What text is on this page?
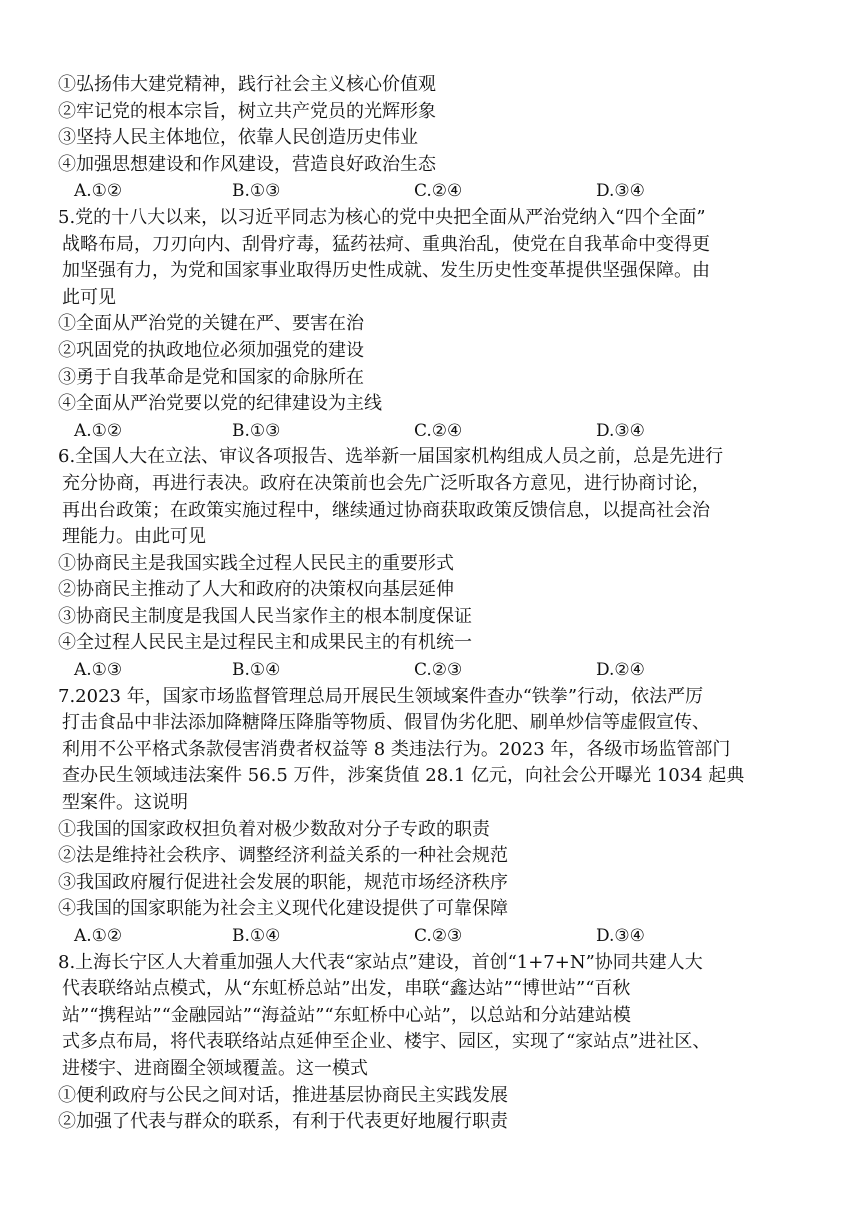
①弘扬伟大建党精神，践行社会主义核心价值观
②牢记党的根本宗旨，树立共产党员的光辉形象
③坚持人民主体地位，依靠人民创造历史伟业
④加强思想建设和作风建设，营造良好政治生态
A.①②	B.①③	C.②④	D.③④
5.党的十八大以来，以习近平同志为核心的党中央把全面从严治党纳入“四个全面”
战略布局，刀刃向内、刮骨疗毒，猛药祛疴、重典治乱，使党在自我革命中变得更
加坚强有力，为党和国家事业取得历史性成就、发生历史性变革提供坚强保障。由
此可见
①全面从严治党的关键在严、要害在治
②巩固党的执政地位必须加强党的建设
③勇于自我革命是党和国家的命脉所在
④全面从严治党要以党的纪律建设为主线
A.①②	B.①③	C.②④	D.③④
6.全国人大在立法、审议各项报告、选举新一届国家机构组成人员之前，总是先进行
充分协商，再进行表决。政府在决策前也会先广泛听取各方意见，进行协商讨论，
再出台政策；在政策实施过程中，继续通过协商获取政策反馈信息，以提高社会治
理能力。由此可见
①协商民主是我国实践全过程人民民主的重要形式
②协商民主推动了人大和政府的决策权向基层延伸
③协商民主制度是我国人民当家作主的根本制度保证
④全过程人民民主是过程民主和成果民主的有机统一
A.①③	B.①④	C.②③	D.②④
7.2023 年，国家市场监督管理总局开展民生领域案件查办“铁拳”行动，依法严厉
打击食品中非法添加降糖降压降脂等物质、假冒伪劣化肥、刷单炒信等虚假宣传、
利用不公平格式条款侵害消费者权益等 8 类违法行为。2023 年，各级市场监管部门
查办民生领域违法案件 56.5 万件，涉案货值 28.1 亿元，向社会公开曝光 1034 起典
型案件。这说明
①我国的国家政权担负着对极少数敌对分子专政的职责
②法是维持社会秩序、调整经济利益关系的一种社会规范
③我国政府履行促进社会发展的职能，规范市场经济秩序
④我国的国家职能为社会主义现代化建设提供了可靠保障
A.①②	B.①④	C.②③	D.③④
8.上海长宁区人大着重加强人大代表“家站点”建设，首创“1+7+N”协同共建人大
代表联络站点模式，从“东虹桥总站”出发，串联“鑫达站”“博世站”“百秋
站”“携程站”“金融园站”“海益站”“东虹桥中心站”，以总站和分站建站模
式多点布局，将代表联络站点延伸至企业、楼宇、园区，实现了“家站点”进社区、
进楼宇、进商圈全领域覆盖。这一模式
①便利政府与公民之间对话，推进基层协商民主实践发展
②加强了代表与群众的联系，有利于代表更好地履行职责
